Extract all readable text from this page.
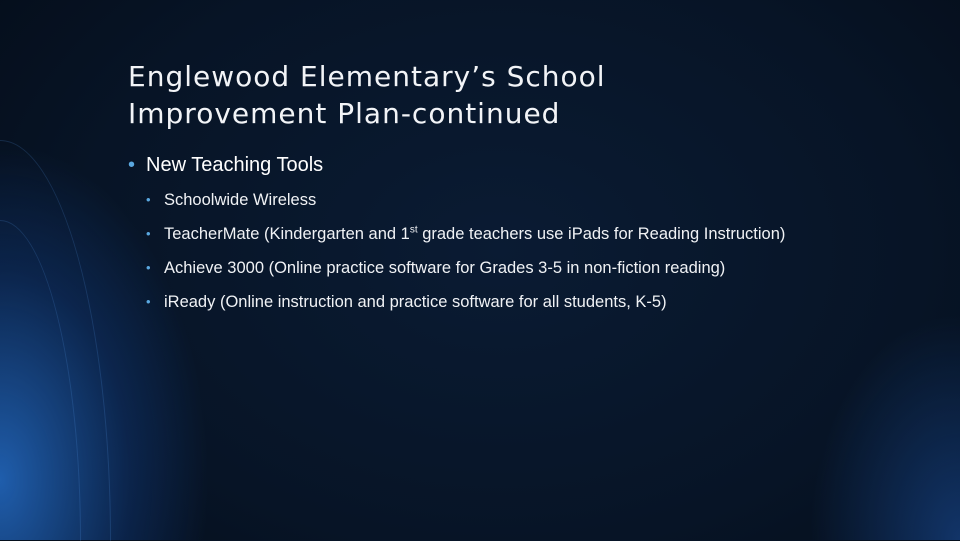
Englewood Elementary’s School
Improvement Plan-continued
• New Teaching Tools
• Schoolwide Wireless
• TeacherMate (Kindergarten and 1st grade teachers use iPads for Reading Instruction)
• Achieve 3000 (Online practice software for Grades 3-5 in non-fiction reading)
• iReady (Online instruction and practice software for all students, K-5)
